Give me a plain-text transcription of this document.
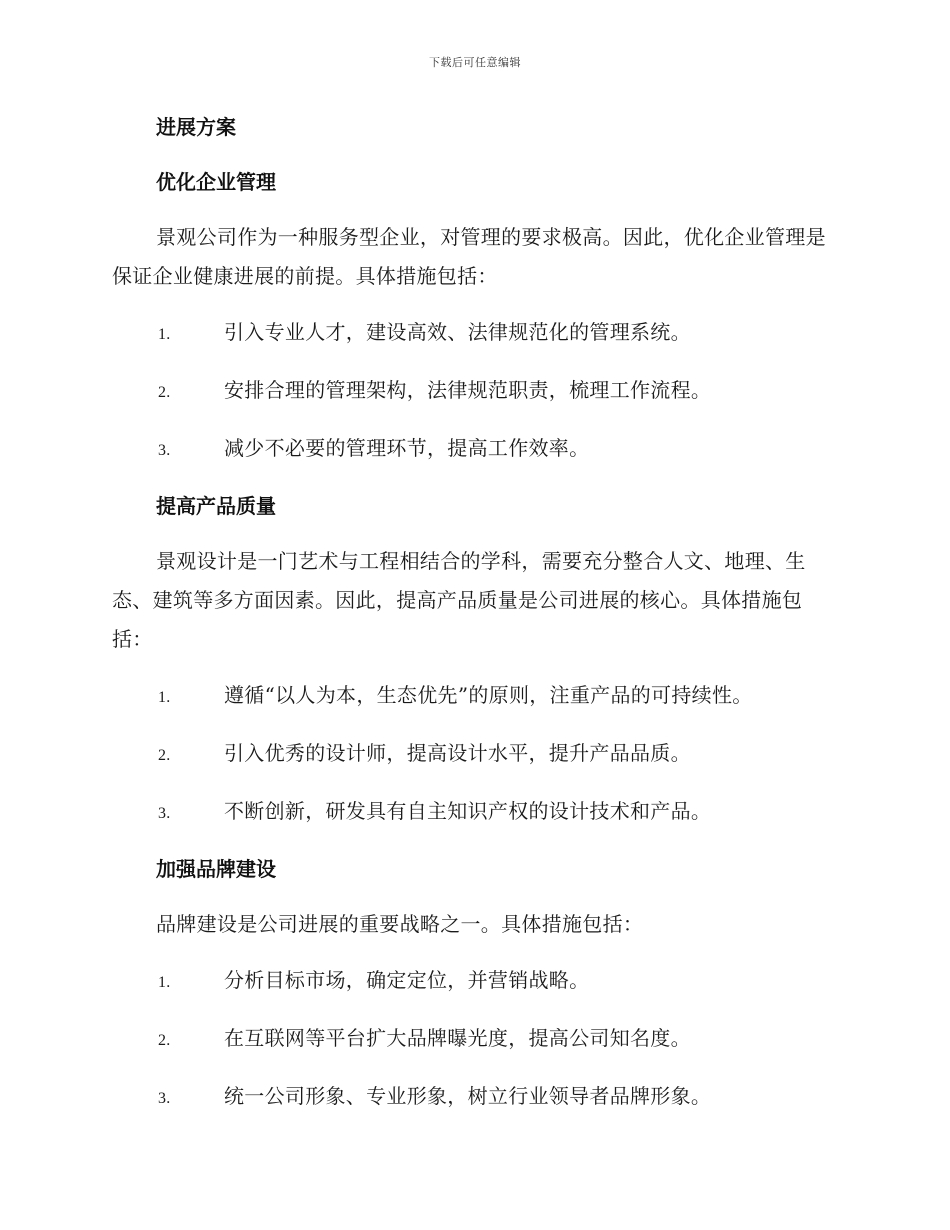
下载后可任意编辑
进展方案
优化企业管理

景观公司作为一种服务型企业，对管理的要求极高。因此，优化企业管理是保证企业健康进展的前提。具体措施包括：

1.	引入专业人才，建设高效、法律规范化的管理系统。
2.	安排合理的管理架构，法律规范职责，梳理工作流程。
3.	减少不必要的管理环节，提高工作效率。
提高产品质量

景观设计是一门艺术与工程相结合的学科，需要充分整合人文、地理、生态、建筑等多方面因素。因此，提高产品质量是公司进展的核心。具体措施包括：

1.	遵循“以人为本，生态优先”的原则，注重产品的可持续性。
2.	引入优秀的设计师，提高设计水平，提升产品品质。
3.	不断创新，研发具有自主知识产权的设计技术和产品。
加强品牌建设

品牌建设是公司进展的重要战略之一。具体措施包括：

1.	分析目标市场，确定定位，并营销战略。
2.	在互联网等平台扩大品牌曝光度，提高公司知名度。
3.	统一公司形象、专业形象，树立行业领导者品牌形象。
